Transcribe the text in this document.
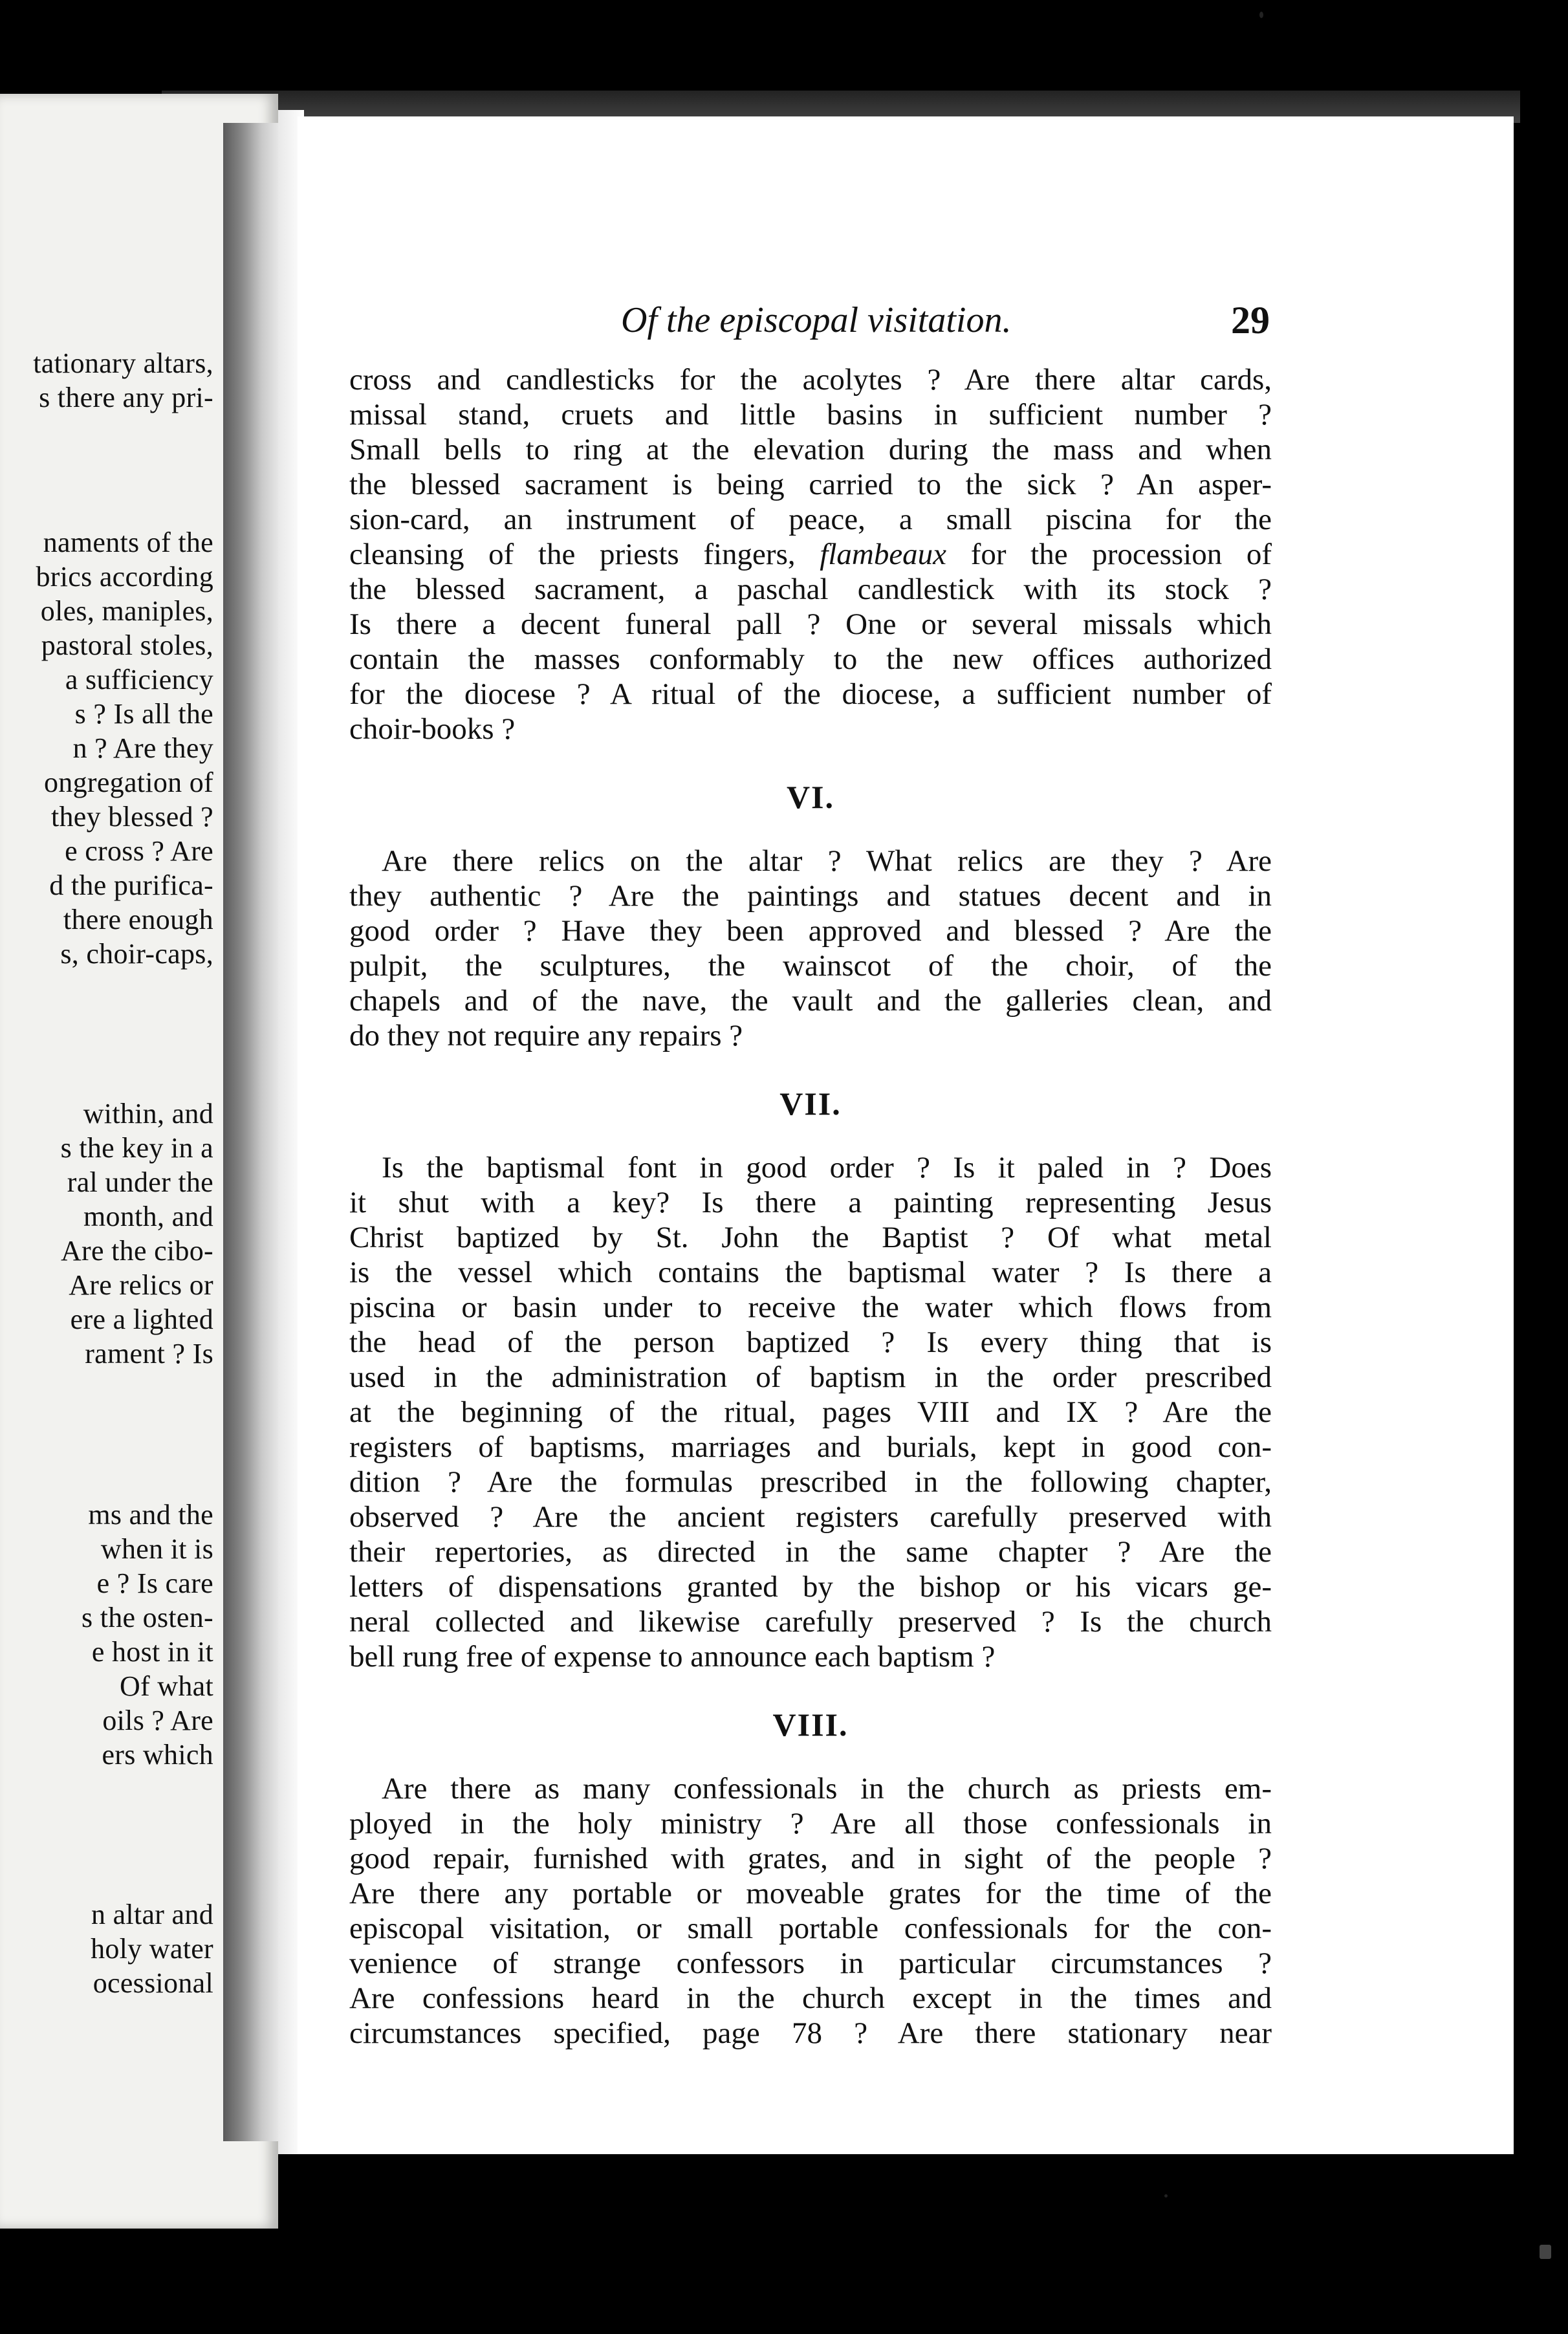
tationary altars,
s there any pri-
naments of the
brics according
oles, maniples,
pastoral stoles,
a sufficiency
s ? Is all the
n ? Are they
ongregation of
they blessed ?
e cross ? Are
d the purifica-
there enough
s, choir-caps,
within, and
s the key in a
ral under the
month, and
Are the cibo-
Are relics or
ere a lighted
rament ? Is
ms and the
when it is
e ? Is care
s the osten-
e host in it
Of what
oils ? Are
ers which
n altar and
holy water
ocessional
Of the episcopal visitation.	29
cross and candlesticks for the acolytes ? Are there altar cards,
missal stand, cruets and little basins in sufficient number ?
Small bells to ring at the elevation during the mass and when
the blessed sacrament is being carried to the sick ? An asper-
sion-card, an instrument of peace, a small piscina for the
cleansing of the priests fingers, flambeaux for the procession of
the blessed sacrament, a paschal candlestick with its stock ?
Is there a decent funeral pall ? One or several missals which
contain the masses conformably to the new offices authorized
for the diocese ? A ritual of the diocese, a sufficient number of
choir-books ?
VI.
Are there relics on the altar ? What relics are they ? Are
they authentic ? Are the paintings and statues decent and in
good order ? Have they been approved and blessed ? Are the
pulpit, the sculptures, the wainscot of the choir, of the
chapels and of the nave, the vault and the galleries clean, and
do they not require any repairs ?
VII.
Is the baptismal font in good order ? Is it paled in ? Does
it shut with a key? Is there a painting representing Jesus
Christ baptized by St. John the Baptist ? Of what metal
is the vessel which contains the baptismal water ? Is there a
piscina or basin under to receive the water which flows from
the head of the person baptized ? Is every thing that is
used in the administration of baptism in the order prescribed
at the beginning of the ritual, pages VIII and IX ? Are the
registers of baptisms, marriages and burials, kept in good con-
dition ? Are the formulas prescribed in the following chapter,
observed ? Are the ancient registers carefully preserved with
their repertories, as directed in the same chapter ? Are the
letters of dispensations granted by the bishop or his vicars ge-
neral collected and likewise carefully preserved ? Is the church
bell rung free of expense to announce each baptism ?
VIII.
Are there as many confessionals in the church as priests em-
ployed in the holy ministry ? Are all those confessionals in
good repair, furnished with grates, and in sight of the people ?
Are there any portable or moveable grates for the time of the
episcopal visitation, or small portable confessionals for the con-
venience of strange confessors in particular circumstances ?
Are confessions heard in the church except in the times and
circumstances specified, page 78 ? Are there stationary near
